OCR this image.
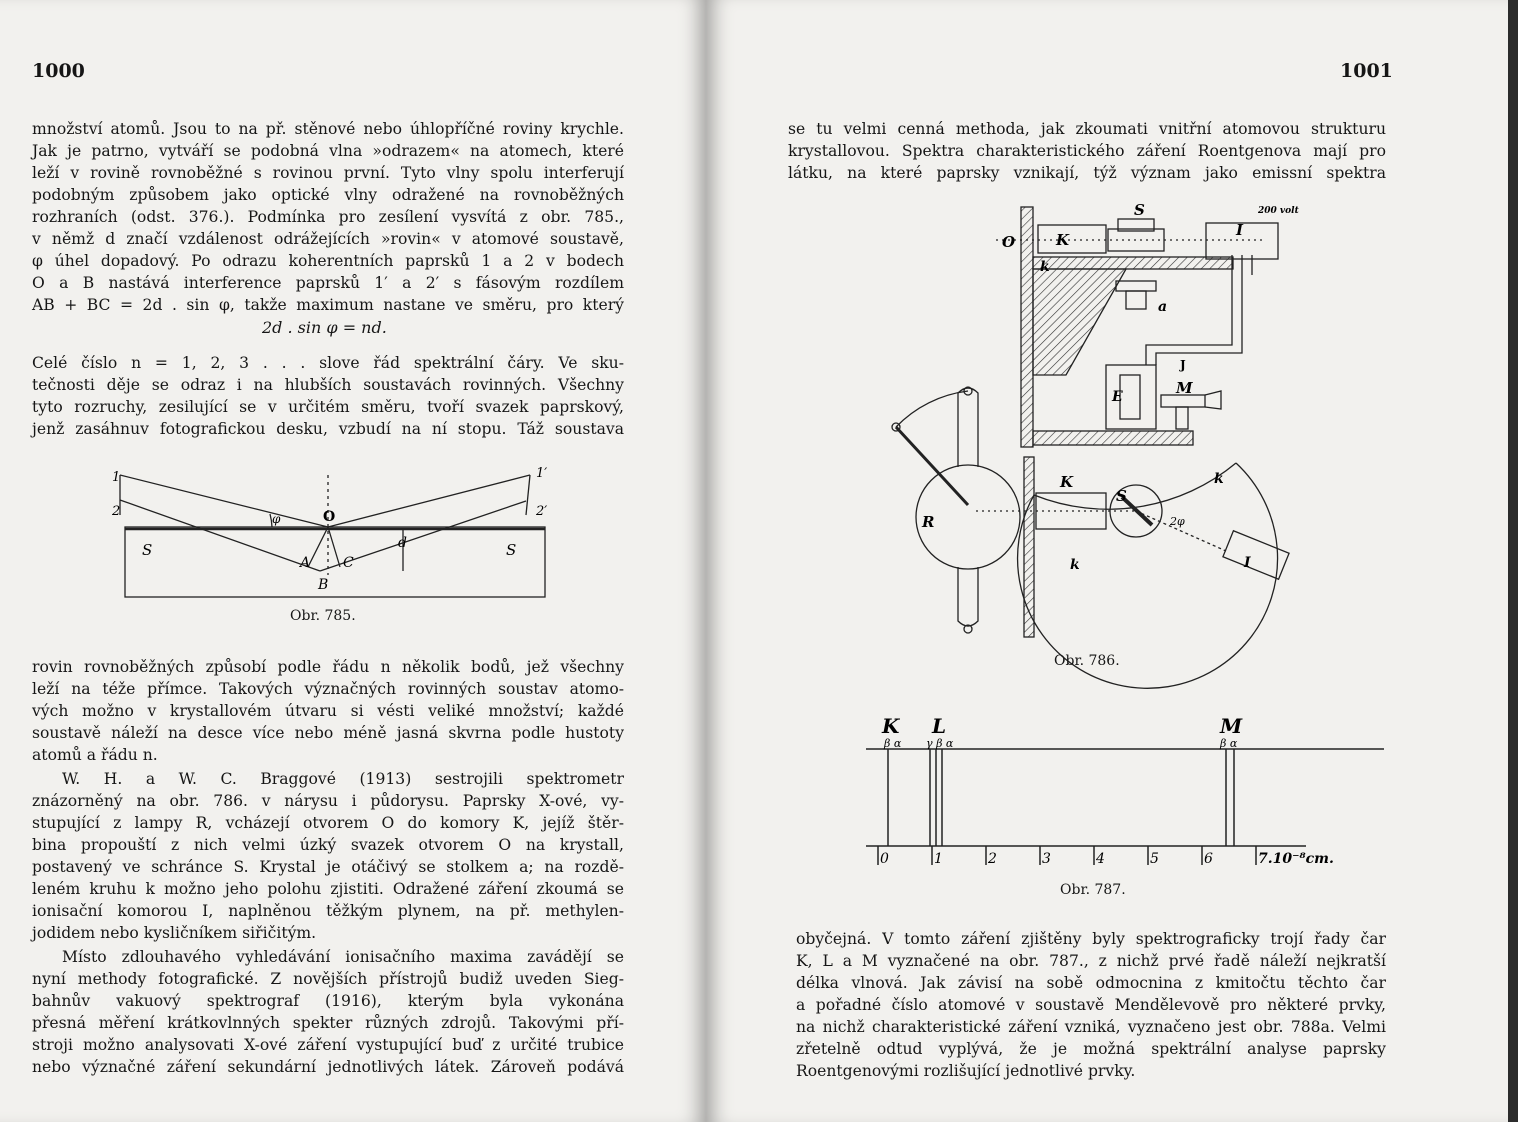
1000
množství atomů. Jsou to na př. stěnové nebo úhlopříčné roviny krychle.
Jak je patrno, vytváří se podobná vlna »odrazem« na atomech, které
leží v rovině rovnoběžné s rovinou první. Tyto vlny spolu interferují
podobným způsobem jako optické vlny odražené na rovnoběžných
rozhraních (odst. 376.). Podmínka pro zesílení vysvítá z obr. 785.,
v němž d značí vzdálenost odrážejících »rovin« v atomové soustavě,
φ úhel dopadový. Po odrazu koherentních paprsků 1 a 2 v bodech
O a B nastává interference paprsků 1′ a 2′ s fásovým rozdílem
AB + BC = 2d . sin φ, takže maximum nastane ve směru, pro který
2d . sin φ = nd.
Celé číslo n = 1, 2, 3 . . . slove řád spektrální čáry. Ve sku-
tečnosti děje se odraz i na hlubších soustavách rovinných. Všechny
tyto rozruchy, zesilující se v určitém směru, tvoří svazek paprskový,
jenž zasáhnuv fotografickou desku, vzbudí na ní stopu. Táž soustava
1
2
1′
2′
φ	O
A
B
C
d
S	S
Obr. 785.
rovin rovnoběžných způsobí podle řádu n několik bodů, jež všechny
leží na téže přímce. Takových význačných rovinných soustav atomo-
vých možno v krystallovém útvaru si vésti veliké množství; každé
soustavě náleží na desce více nebo méně jasná skvrna podle hustoty
atomů a řádu n.
W. H. a W. C. Braggové (1913) sestrojili spektrometr
znázorněný na obr. 786. v nárysu i půdorysu. Paprsky X-ové, vy-
stupující z lampy R, vcházejí otvorem O do komory K, jejíž štěr-
bina propouští z nich velmi úzký svazek otvorem O na krystall,
postavený ve schránce S. Krystal je otáčivý se stolkem a; na rozdě-
leném kruhu k možno jeho polohu zjistiti. Odražené záření zkoumá se
ionisační komorou I, naplněnou těžkým plynem, na př. methylen-
jodidem nebo kysličníkem siřičitým.
Místo zdlouhavého vyhledávání ionisačního maxima zavádějí se
nyní methody fotografické. Z novějších přístrojů budiž uveden Sieg-
bahnův vakuový spektrograf (1916), kterým byla vykonána
přesná měření krátkovlnných spekter různých zdrojů. Takovými pří-
stroji možno analysovati X-ové záření vystupující buď z určité trubice
nebo význačné záření sekundární jednotlivých látek. Zároveň podává
1001
se tu velmi cenná methoda, jak zkoumati vnitřní atomovou strukturu
krystallovou. Spektra charakteristického záření Roentgenova mají pro
látku, na které paprsky vznikají, týž význam jako emissní spektra
O	K
S
I
200 volt
k
a
J
M
E
R
K
S
k
k	I
2φ
Obr. 786.
K L	M
β α γ β α	β α
0	1	2	3	4	5	6	7.10⁻⁸cm.
Obr. 787.
obyčejná. V tomto záření zjištěny byly spektrograficky trojí řady čar
K, L a M vyznačené na obr. 787., z nichž prvé řadě náleží nejkratší
délka vlnová. Jak závisí na sobě odmocnina z kmitočtu těchto čar
a pořadné číslo atomové v soustavě Mendělevově pro některé prvky,
na nichž charakteristické záření vzniká, vyznačeno jest obr. 788a. Velmi
zřetelně odtud vyplývá, že je možná spektrální analyse paprsky
Roentgenovými rozlišující jednotlivé prvky.
